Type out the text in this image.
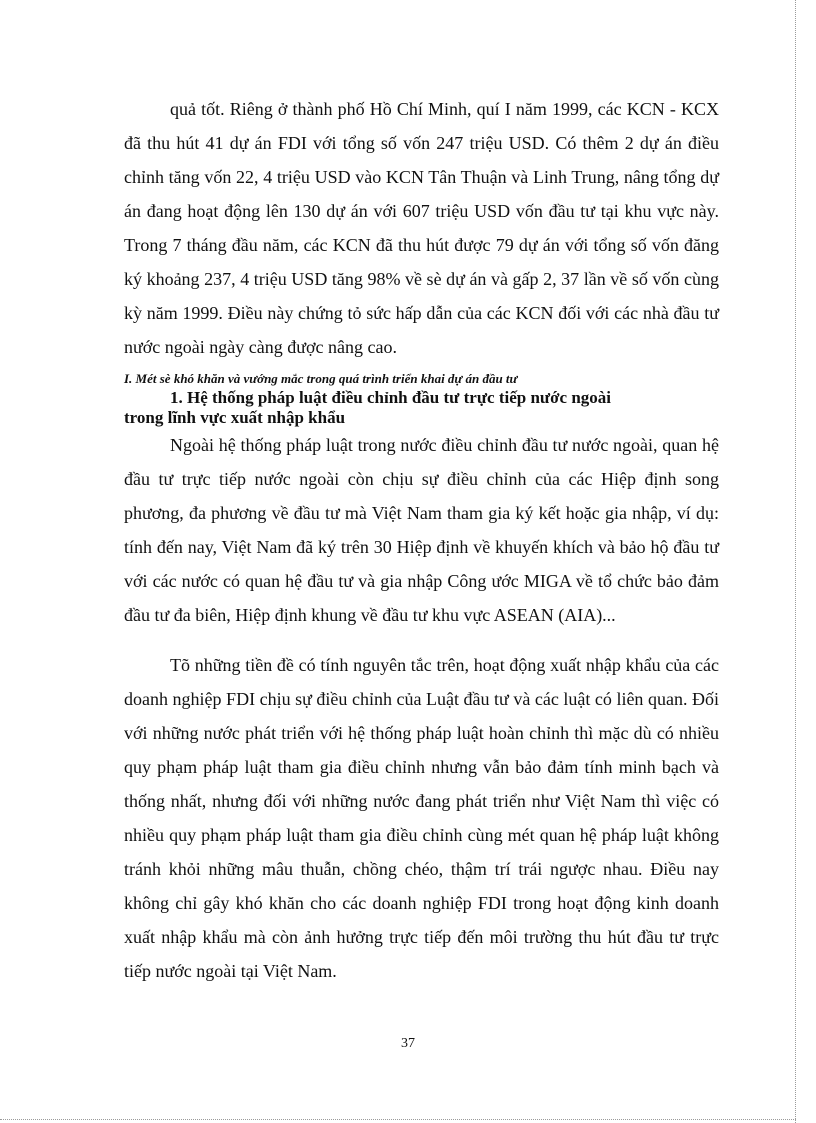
quả tốt. Riêng ở thành phố Hồ Chí Minh, quí I năm 1999, các KCN - KCX đã thu hút 41 dự án FDI với tổng số vốn 247 triệu USD. Có thêm 2 dự án điều chỉnh tăng vốn 22, 4 triệu USD vào KCN Tân Thuận và Linh Trung, nâng tổng dự án đang hoạt động lên 130 dự án với 607 triệu USD vốn đầu tư tại khu vực này. Trong 7 tháng đầu năm, các KCN đã thu hút được 79 dự án với tổng số vốn đăng ký khoảng 237, 4 triệu USD tăng 98% về sè dự án và gấp 2, 37 lần về số vốn cùng kỳ năm 1999. Điều này chứng tỏ sức hấp dẫn của các KCN đối với các nhà đầu tư nước ngoài ngày càng được nâng cao.

I. Mét sè khó khăn và vướng mắc trong quá trình triển khai dự án đầu tư

1. Hệ thống pháp luật điều chỉnh đầu tư trực tiếp nước ngoài
trong lĩnh vực xuất nhập khẩu

Ngoài hệ thống pháp luật trong nước điều chỉnh đầu tư nước ngoài, quan hệ đầu tư trực tiếp nước ngoài còn chịu sự điều chỉnh của các Hiệp định song phương, đa phương về đầu tư mà Việt Nam tham gia ký kết hoặc gia nhập, ví dụ: tính đến nay, Việt Nam đã ký trên 30 Hiệp định về khuyến khích và bảo hộ đầu tư với các nước có quan hệ đầu tư và gia nhập Công ước MIGA về tổ chức bảo đảm đầu tư đa biên, Hiệp định khung về đầu tư khu vực ASEAN (AIA)...

Tõ những tiền đề có tính nguyên tắc trên, hoạt động xuất nhập khẩu của các doanh nghiệp FDI chịu sự điều chỉnh của Luật đầu tư và các luật có liên quan. Đối với những nước phát triển với hệ thống pháp luật hoàn chỉnh thì mặc dù có nhiều quy phạm pháp luật tham gia điều chỉnh nhưng vẫn bảo đảm tính minh bạch và thống nhất, nhưng đối với những nước đang phát triển như Việt Nam thì việc có nhiều quy phạm pháp luật tham gia điều chỉnh cùng mét quan hệ pháp luật không tránh khỏi những mâu thuẫn, chồng chéo, thậm trí trái ngược nhau. Điều nay không chỉ gây khó khăn cho các doanh nghiệp FDI trong hoạt động kinh doanh xuất nhập khẩu mà còn ảnh hưởng trực tiếp đến môi trường thu hút đầu tư trực tiếp nước ngoài tại Việt Nam.

37
